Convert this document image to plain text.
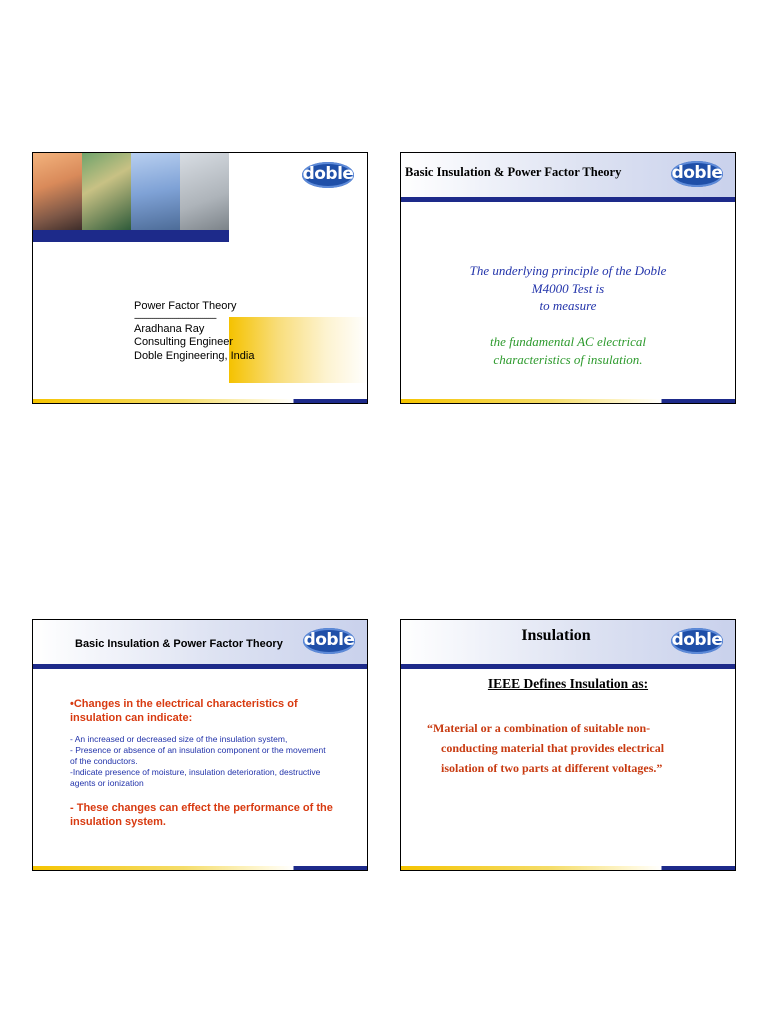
doble
Power Factor Theory
-----------------------------------------
Aradhana Ray
Consulting Engineer
Doble Engineering, India
Basic Insulation & Power Factor Theory	doble
The underlying principle of the Doble
M4000 Test is
to measure
the fundamental AC electrical
characteristics of insulation.
Basic Insulation & Power Factor Theory doble
•Changes in the electrical characteristics of
insulation can indicate:
- An increased or decreased size of the insulation system,
- Presence or absence of an insulation component or the movement
of the conductors.
-Indicate presence of moisture, insulation deterioration, destructive
agents or ionization
- These changes can effect the performance of the
insulation system.
Insulation	doble
IEEE Defines Insulation as:
“Material or a combination of suitable non-
conducting material that provides electrical
isolation of two parts at different voltages.”
